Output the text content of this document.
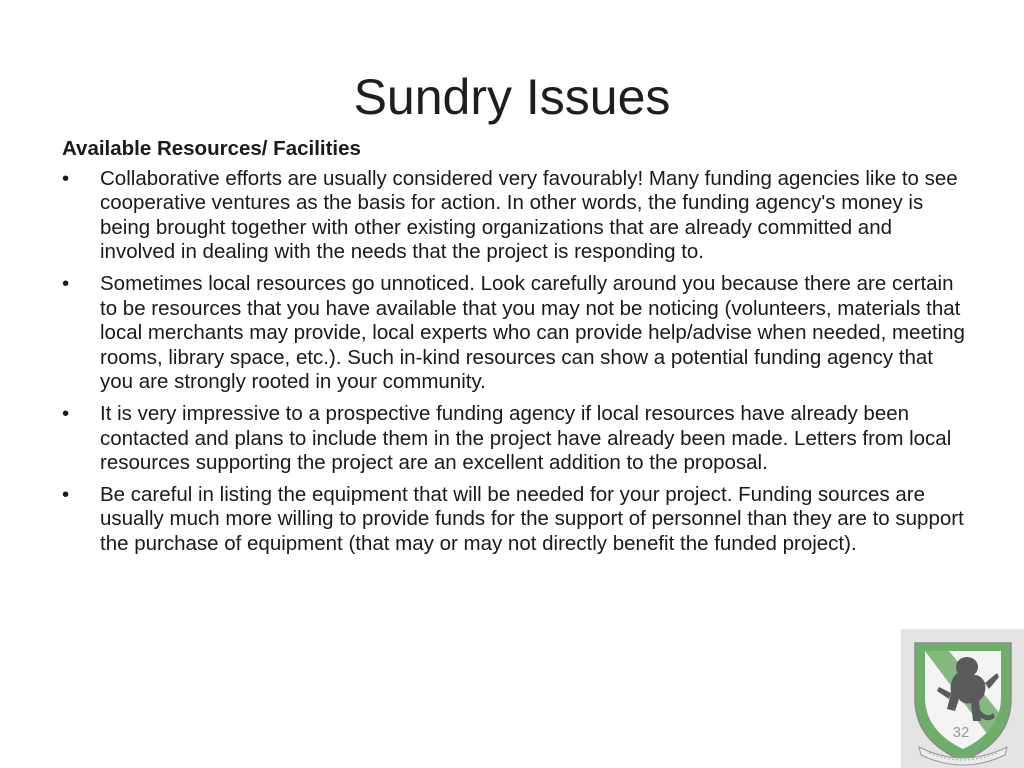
Sundry Issues
Available Resources/ Facilities
•	Collaborative efforts are usually considered very favourably! Many funding agencies like to see cooperative ventures as the basis for action. In other words, the funding agency's money is being brought together with other existing organizations that are already committed and involved in dealing with the needs that the project is responding to.
•	Sometimes local resources go unnoticed. Look carefully around you because there are certain to be resources that you have available that you may not be noticing (volunteers, materials that local merchants may provide, local experts who can provide help/advise when needed, meeting rooms, library space, etc.). Such in-kind resources can show a potential funding agency that you are strongly rooted in your community.
•	It is very impressive to a prospective funding agency if local resources have already been contacted and plans to include them in the project have already been made. Letters from local resources supporting the project are an excellent addition to the proposal.
•	Be careful in listing the equipment that will be needed for your project. Funding sources are usually much more willing to provide funds for the support of personnel than they are to support the purchase of equipment (that may or may not directly benefit the funded project).
32
